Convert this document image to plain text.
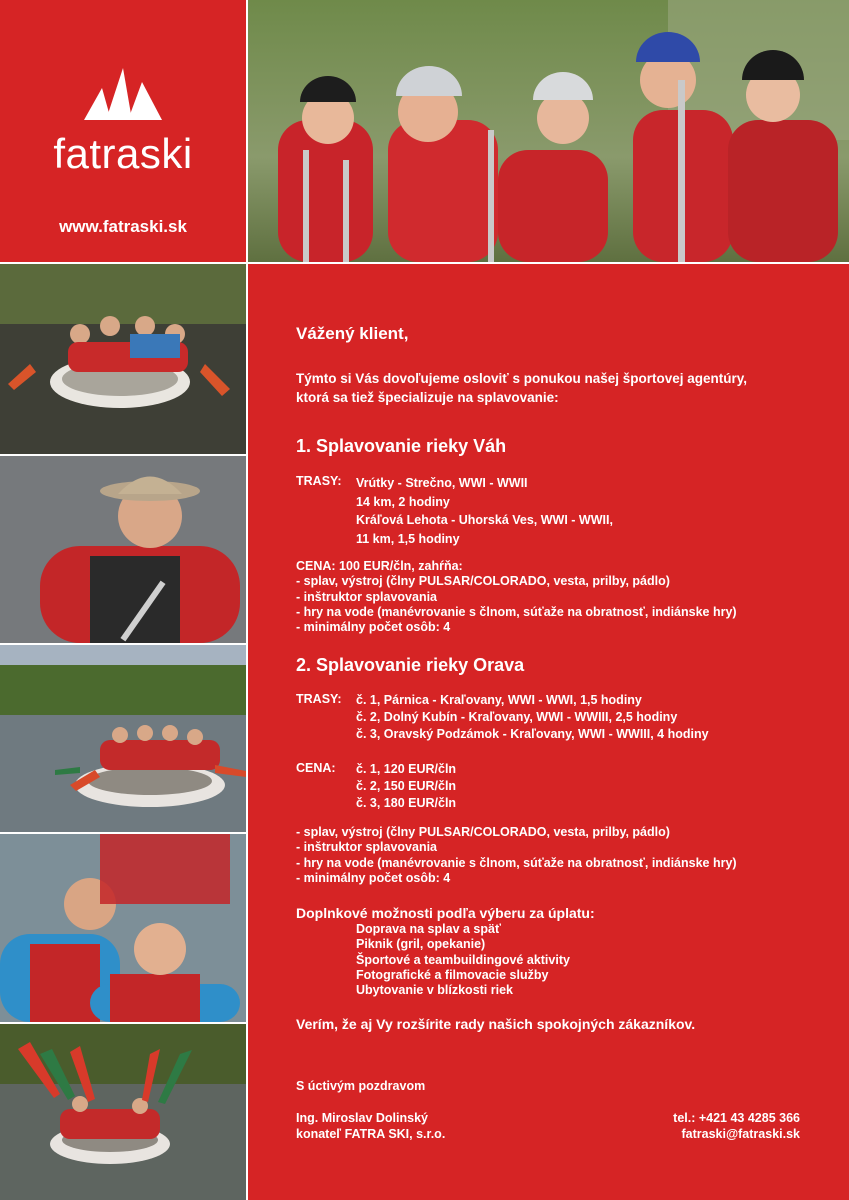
fatraski
www.fatraski.sk
Vážený klient,
Týmto si Vás dovoľujeme osloviť s ponukou našej športovej agentúry,
ktorá sa tiež špecializuje na splavovanie:
1. Splavovanie rieky Váh
TRASY: Vrútky - Strečno, WWI - WWII
14 km, 2 hodiny
Kráľová Lehota - Uhorská Ves, WWI - WWII,
11 km, 1,5 hodiny
CENA: 100 EUR/čln, zahŕňa:
- splav, výstroj (člny PULSAR/COLORADO, vesta, prilby, pádlo)
- inštruktor splavovania
- hry na vode (manévrovanie s člnom, súťaže na obratnosť, indiánske hry)
- minimálny počet osôb: 4
2. Splavovanie rieky Orava
TRASY: č. 1, Párnica - Kraľovany, WWI - WWI, 1,5 hodiny
č. 2, Dolný Kubín - Kraľovany, WWI - WWIII, 2,5 hodiny
č. 3, Oravský Podzámok - Kraľovany, WWI - WWIII, 4 hodiny
CENA: č. 1, 120 EUR/čln
č. 2, 150 EUR/čln
č. 3, 180 EUR/čln
- splav, výstroj (člny PULSAR/COLORADO, vesta, prilby, pádlo)
- inštruktor splavovania
- hry na vode (manévrovanie s člnom, súťaže na obratnosť, indiánske hry)
- minimálny počet osôb: 4
Doplnkové možnosti podľa výberu za úplatu:
Doprava na splav a späť
Piknik (gril, opekanie)
Športové a teambuildingové aktivity
Fotografické a filmovacie služby
Ubytovanie v blízkosti riek
Verím, že aj Vy rozšírite rady našich spokojných zákazníkov.
S úctivým pozdravom
Ing. Miroslav Dolinský
konateľ FATRA SKI, s.r.o.
tel.: +421 43 4285 366
fatraski@fatraski.sk
